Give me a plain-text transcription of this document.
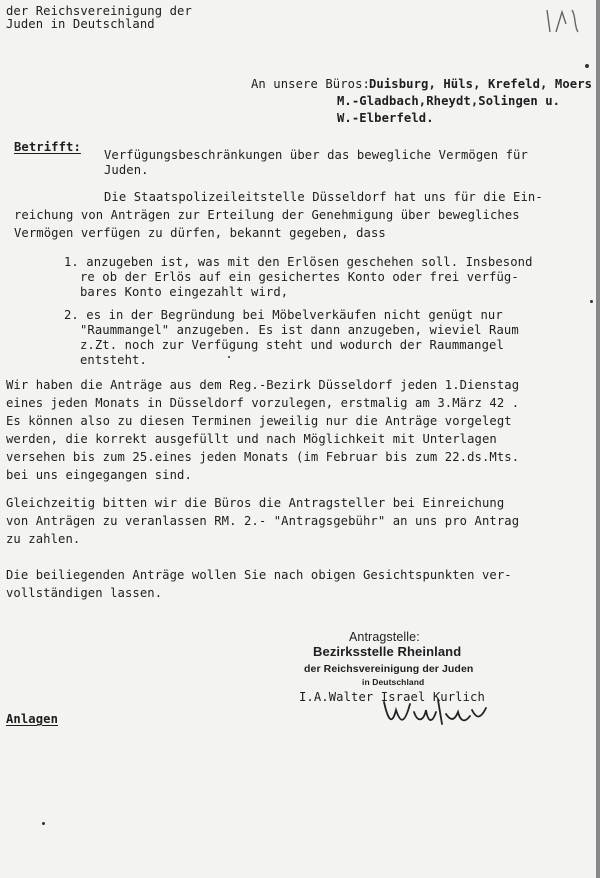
der Reichsvereinigung der
Juden in Deutschland
An unsere Büros: Duisburg, Hüls, Krefeld, Moers
M.-Gladbach,Rheydt,Solingen u.
W.-Elberfeld.
Betrifft:
Verfügungsbeschränkungen über das bewegliche Vermögen für
Juden.
Die Staatspolizeileitstelle Düsseldorf hat uns für die Ein-
reichung von Anträgen zur Erteilung der Genehmigung über bewegliches
Vermögen verfügen zu dürfen, bekannt gegeben, dass
1. anzugeben ist, was mit den Erlösen geschehen soll. Insbesond
re ob der Erlös auf ein gesichertes Konto oder frei verfüg-
bares Konto eingezahlt wird,
2. es in der Begründung bei Möbelverkäufen nicht genügt nur
"Raummangel" anzugeben. Es ist dann anzugeben, wieviel Raum
z.Zt. noch zur Verfügung steht und wodurch der Raummangel
entsteht.
Wir haben die Anträge aus dem Reg.-Bezirk Düsseldorf jeden 1.Dienstag
eines jeden Monats in Düsseldorf vorzulegen, erstmalig am 3.März 42 .
Es können also zu diesen Terminen jeweilig nur die Anträge vorgelegt
werden, die korrekt ausgefüllt und nach Möglichkeit mit Unterlagen
versehen bis zum 25.eines jeden Monats (im Februar bis zum 22.ds.Mts.
bei uns eingegangen sind.
Gleichzeitig bitten wir die Büros die Antragsteller bei Einreichung
von Anträgen zu veranlassen RM. 2.- "Antragsgebühr" an uns pro Antrag
zu zahlen.
Die beiliegenden Anträge wollen Sie nach obigen Gesichtspunkten ver-
vollständigen lassen.
Antragstelle:
Bezirksstelle Rheinland
der Reichsvereinigung der Juden
in Deutschland
I.A.Walter Israel Kurlich
Anlagen
